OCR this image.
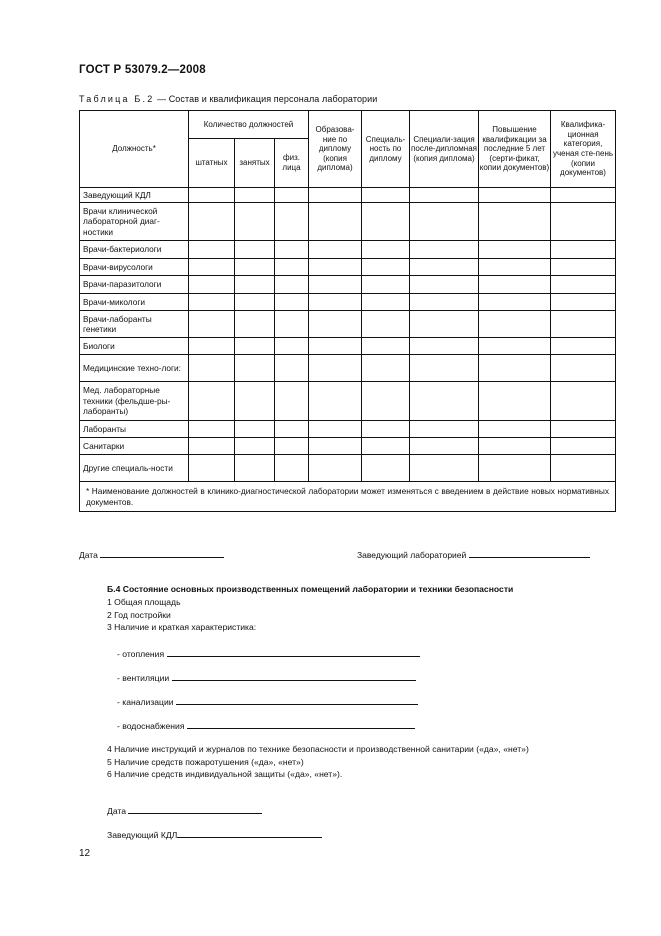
ГОСТ Р 53079.2—2008
Таблица Б.2 — Состав и квалификация персонала лаборатории
Должность*	Количество должностей			Образова-ние по диплому (копия диплома)	Специаль-ность по диплому	Специали-зация после-дипломная (копия диплома)	Повышение квалификации за последние 5 лет (серти-фикат, копии документов)	Квалифика-ционная категория, ученая сте-пень (копии документов)
	штатных	занятых	физ. лица					
Заведующий КДЛ								
Врачи клинической лабораторной диаг-ностики								
Врачи-бактериологи								
Врачи-вирусологи								
Врачи-паразитологи								
Врачи-микологи								
Врачи-лаборанты генетики								
Биологи								
Медицинские техно-логи:								
Мед. лабораторные техники (фельдше-ры-лаборанты)								
Лаборанты								
Санитарки								
Другие специаль-ности								
* Наименование должностей в клинико-диагностической лаборатории может изменяться с введением в действие новых нормативных документов.								
Дата	Заведующий лабораторией
Б.4 Состояние основных производственных помещений лаборатории и техники безопасности
1 Общая площадь
2 Год постройки
3 Наличие и краткая характеристика:
- отопления
- вентиляции
- канализации
- водоснабжения
4 Наличие инструкций и журналов по технике безопасности и производственной санитарии («да», «нет»)
5 Наличие средств пожаротушения («да», «нет»)
6 Наличие средств индивидуальной защиты («да», «нет»).
Дата
Заведующий КДЛ
12
